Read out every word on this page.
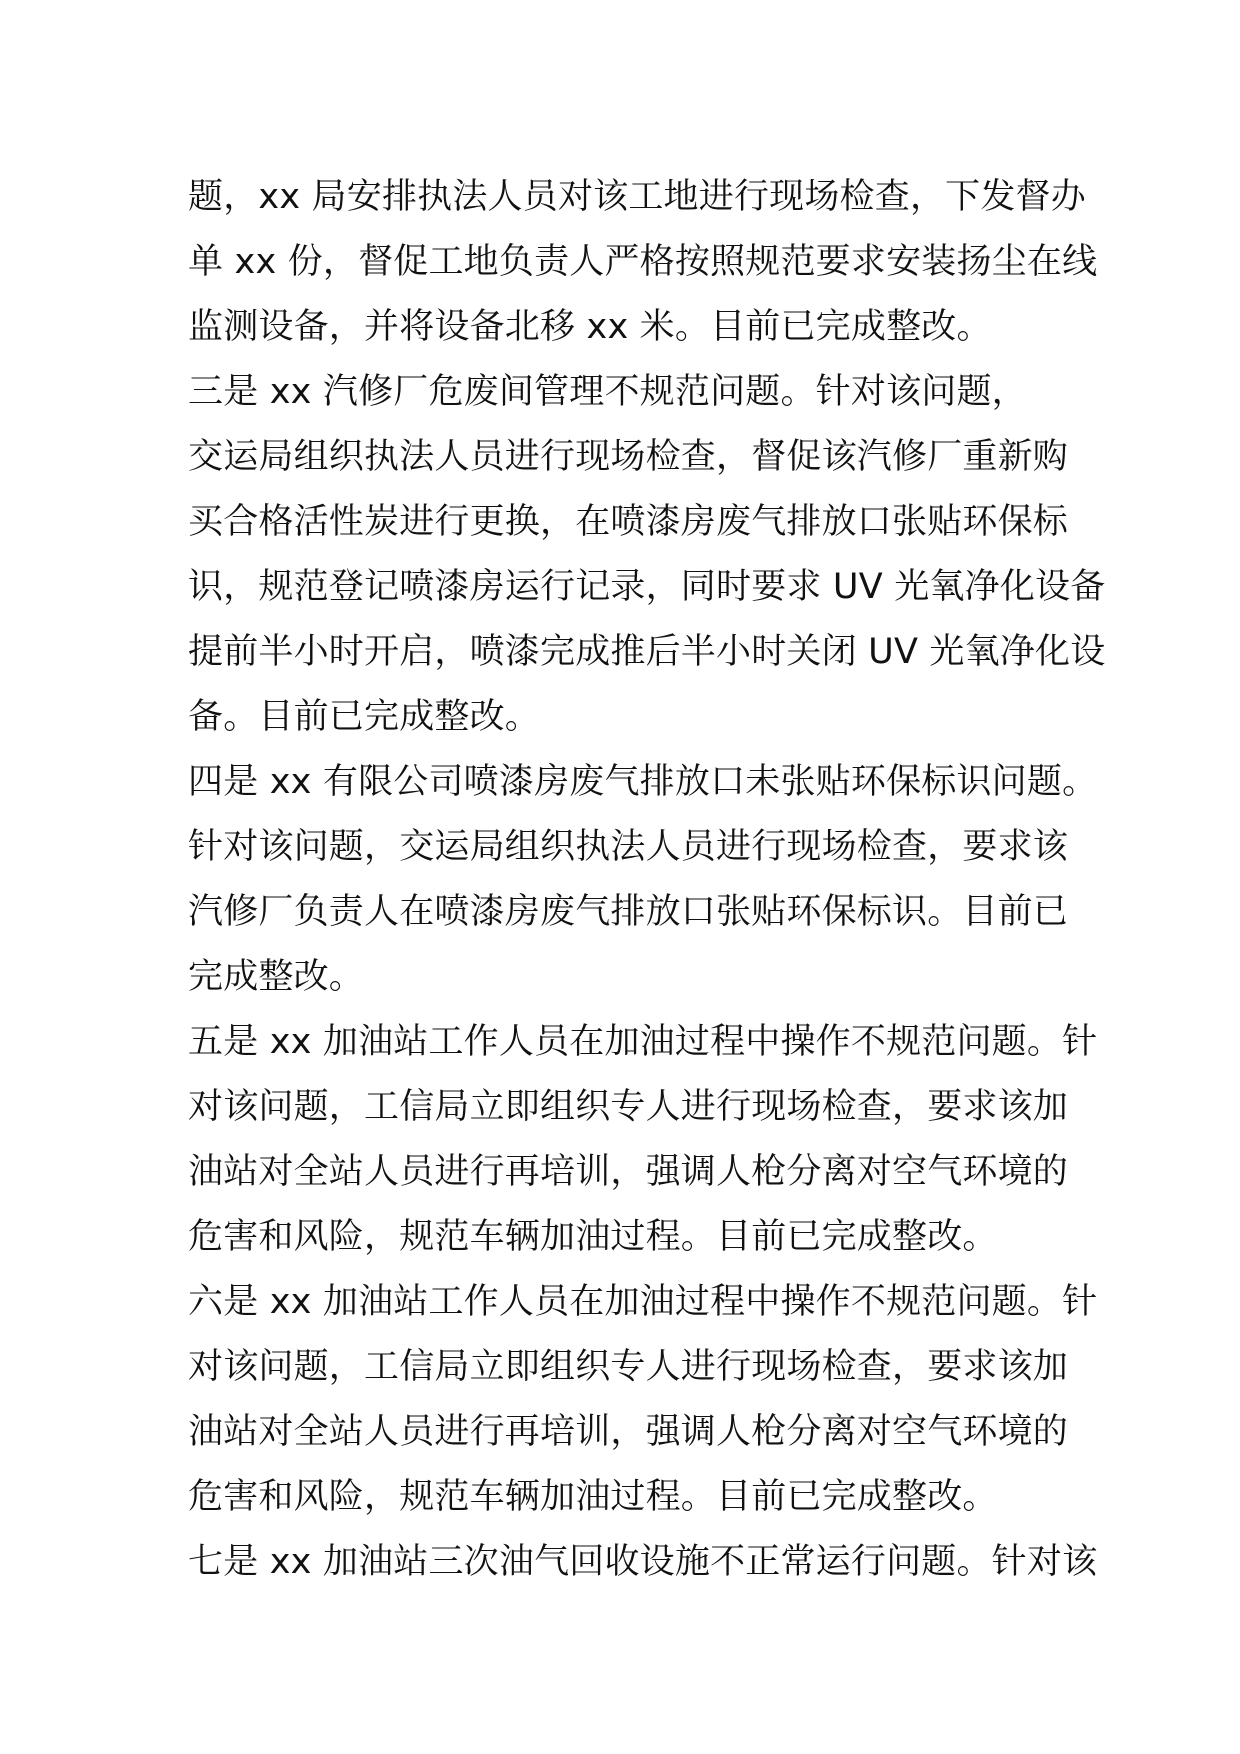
题，xx 局安排执法人员对该工地进行现场检查，下发督办
单 xx 份，督促工地负责人严格按照规范要求安装扬尘在线
监测设备，并将设备北移 xx 米。目前已完成整改。
三是 xx 汽修厂危废间管理不规范问题。针对该问题，
交运局组织执法人员进行现场检查，督促该汽修厂重新购
买合格活性炭进行更换，在喷漆房废气排放口张贴环保标
识，规范登记喷漆房运行记录，同时要求 UV 光氧净化设备
提前半小时开启，喷漆完成推后半小时关闭 UV 光氧净化设
备。目前已完成整改。
四是 xx 有限公司喷漆房废气排放口未张贴环保标识问题。
针对该问题，交运局组织执法人员进行现场检查，要求该
汽修厂负责人在喷漆房废气排放口张贴环保标识。目前已
完成整改。
五是 xx 加油站工作人员在加油过程中操作不规范问题。针
对该问题，工信局立即组织专人进行现场检查，要求该加
油站对全站人员进行再培训，强调人枪分离对空气环境的
危害和风险，规范车辆加油过程。目前已完成整改。
六是 xx 加油站工作人员在加油过程中操作不规范问题。针
对该问题，工信局立即组织专人进行现场检查，要求该加
油站对全站人员进行再培训，强调人枪分离对空气环境的
危害和风险，规范车辆加油过程。目前已完成整改。
七是 xx 加油站三次油气回收设施不正常运行问题。针对该
